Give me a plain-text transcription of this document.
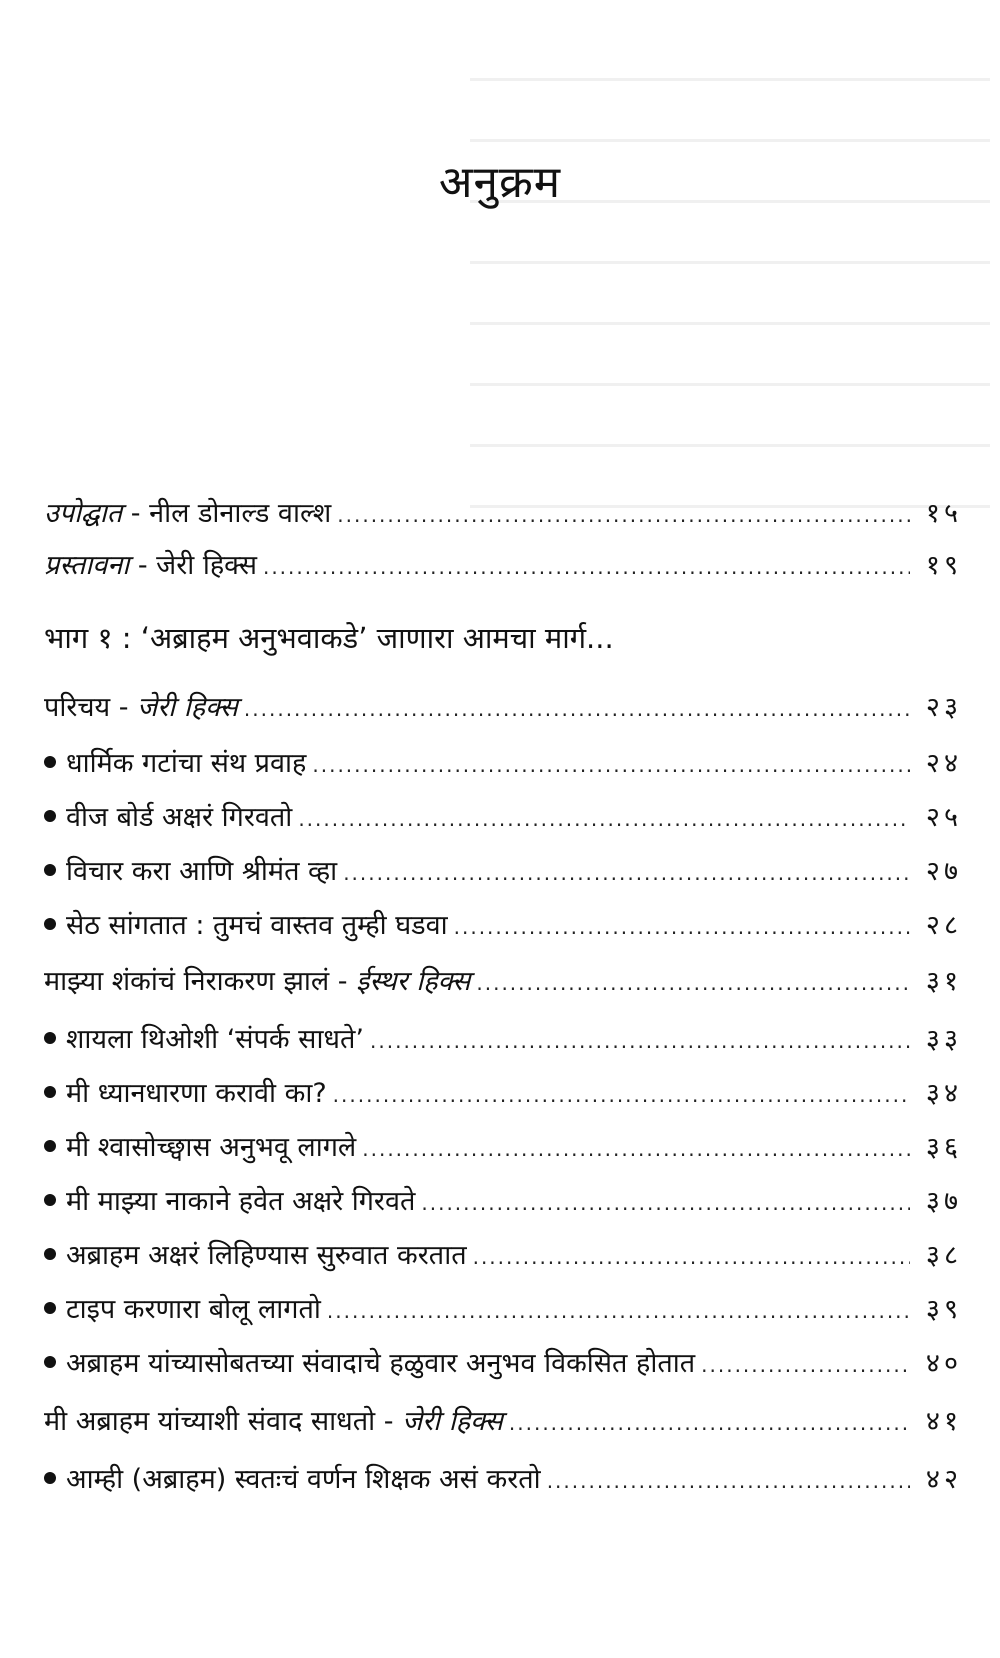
अनुक्रम
उपोद्घात - नील डोनाल्ड वाल्श .....	१५
प्रस्तावना - जेरी हिक्स .....	१९
भाग १ : ‘अब्राहम अनुभवाकडे’ जाणारा आमचा मार्ग...
परिचय - जेरी हिक्स .....	२३
धार्मिक गटांचा संथ प्रवाह .....	२४
वीज बोर्ड अक्षरं गिरवतो .....	२५
विचार करा आणि श्रीमंत व्हा .....	२७
सेठ सांगतात : तुमचं वास्तव तुम्ही घडवा .....	२८
माझ्या शंकांचं निराकरण झालं - ईस्थर हिक्स .....	३१
शायला थिओशी ‘संपर्क साधते’ .....	३३
मी ध्यानधारणा करावी का? .....	३४
मी श्वासोच्छ्वास अनुभवू लागले .....	३६
मी माझ्या नाकाने हवेत अक्षरे गिरवते .....	३७
अब्राहम अक्षरं लिहिण्यास सुरुवात करतात .....	३८
टाइप करणारा बोलू लागतो .....	३९
अब्राहम यांच्यासोबतच्या संवादाचे हळुवार अनुभव विकसित होतात .....	४०
मी अब्राहम यांच्याशी संवाद साधतो - जेरी हिक्स .....	४१
आम्ही (अब्राहम) स्वतःचं वर्णन शिक्षक असं करतो .....	४२
